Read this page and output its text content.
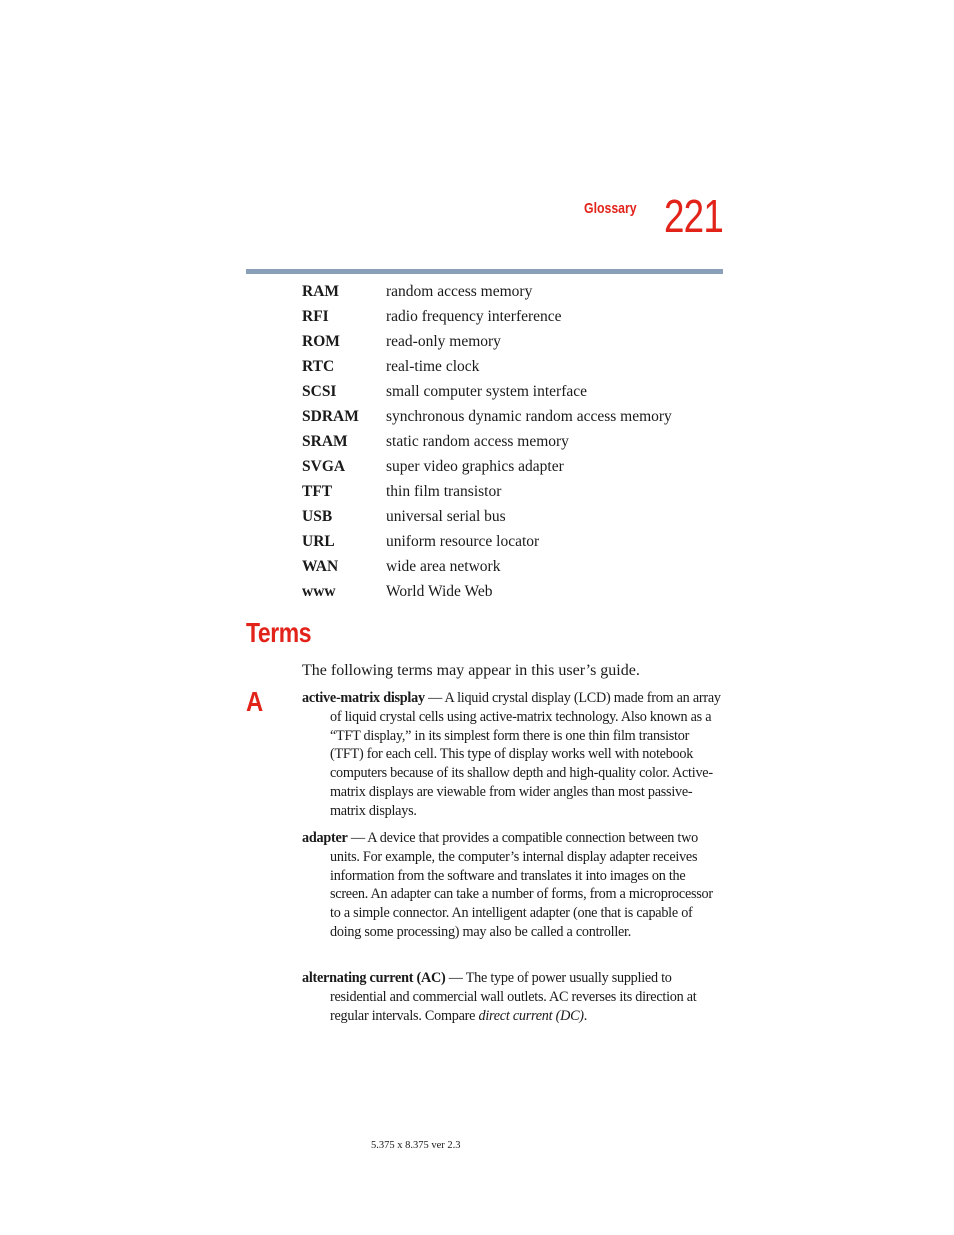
Glossary 221
RAM	random access memory
RFI	radio frequency interference
ROM	read-only memory
RTC	real-time clock
SCSI	small computer system interface
SDRAM synchronous dynamic random access memory
SRAM static random access memory
SVGA	super video graphics adapter
TFT	thin film transistor
USB	universal serial bus
URL	uniform resource locator
WAN	wide area network
www	World Wide Web
Terms
The following terms may appear in this user’s guide.
A	active-matrix display — A liquid crystal display (LCD) made from an array of liquid crystal cells using active-matrix technology. Also known as a “TFT display,” in its simplest form there is one thin film transistor (TFT) for each cell. This type of display works well with notebook computers because of its shallow depth and high-quality color. Active-matrix displays are viewable from wider angles than most passive-matrix displays.

adapter — A device that provides a compatible connection between two units. For example, the computer’s internal display adapter receives information from the software and translates it into images on the screen. An adapter can take a number of forms, from a microprocessor to a simple connector. An intelligent adapter (one that is capable of doing some processing) may also be called a controller.

alternating current (AC) — The type of power usually supplied to residential and commercial wall outlets. AC reverses its direction at regular intervals. Compare direct current (DC).

5.375 x 8.375 ver 2.3
